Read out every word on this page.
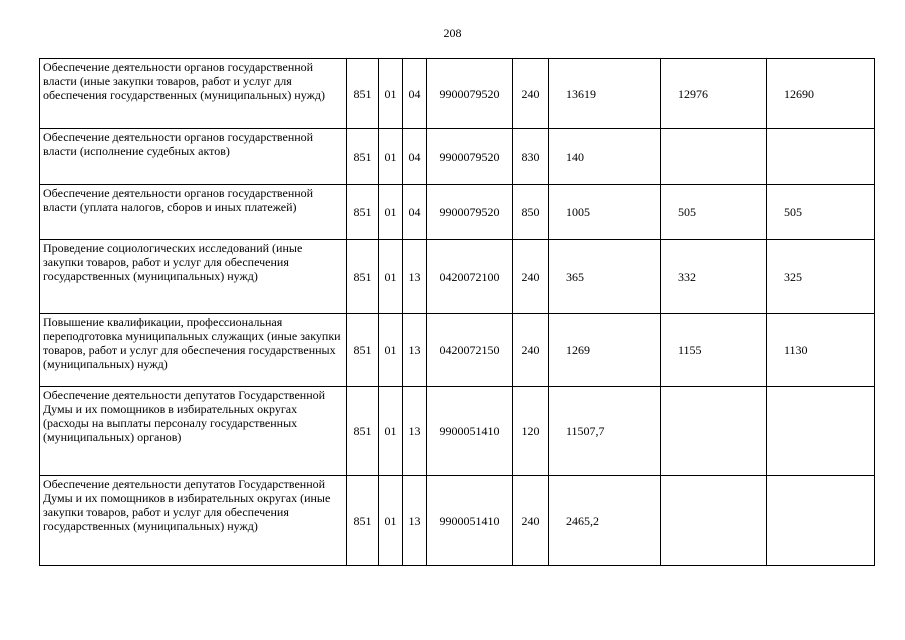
208
Обеспечение деятельности органов государственной власти (иные закупки товаров, работ и услуг для обеспечения государственных (муниципальных) нужд)	851	01	04	9900079520	240	13619	12976	12690
Обеспечение деятельности органов государственной власти (исполнение судебных актов)	851	01	04	9900079520	830	140		
Обеспечение деятельности органов государственной власти (уплата налогов, сборов и иных платежей)	851	01	04	9900079520	850	1005	505	505
Проведение социологических исследований (иные закупки товаров, работ и услуг для обеспечения государственных (муниципальных) нужд)	851	01	13	0420072100	240	365	332	325
Повышение квалификации, профессиональная переподготовка муниципальных служащих (иные закупки товаров, работ и услуг для обеспечения государственных (муниципальных) нужд)	851	01	13	0420072150	240	1269	1155	1130
Обеспечение деятельности депутатов Государственной Думы и их помощников в избирательных округах (расходы на выплаты персоналу государственных (муниципальных) органов)	851	01	13	9900051410	120	11507,7		
Обеспечение деятельности депутатов Государственной Думы и их помощников в избирательных округах (иные закупки товаров, работ и услуг для обеспечения государственных (муниципальных) нужд)	851	01	13	9900051410	240	2465,2		
